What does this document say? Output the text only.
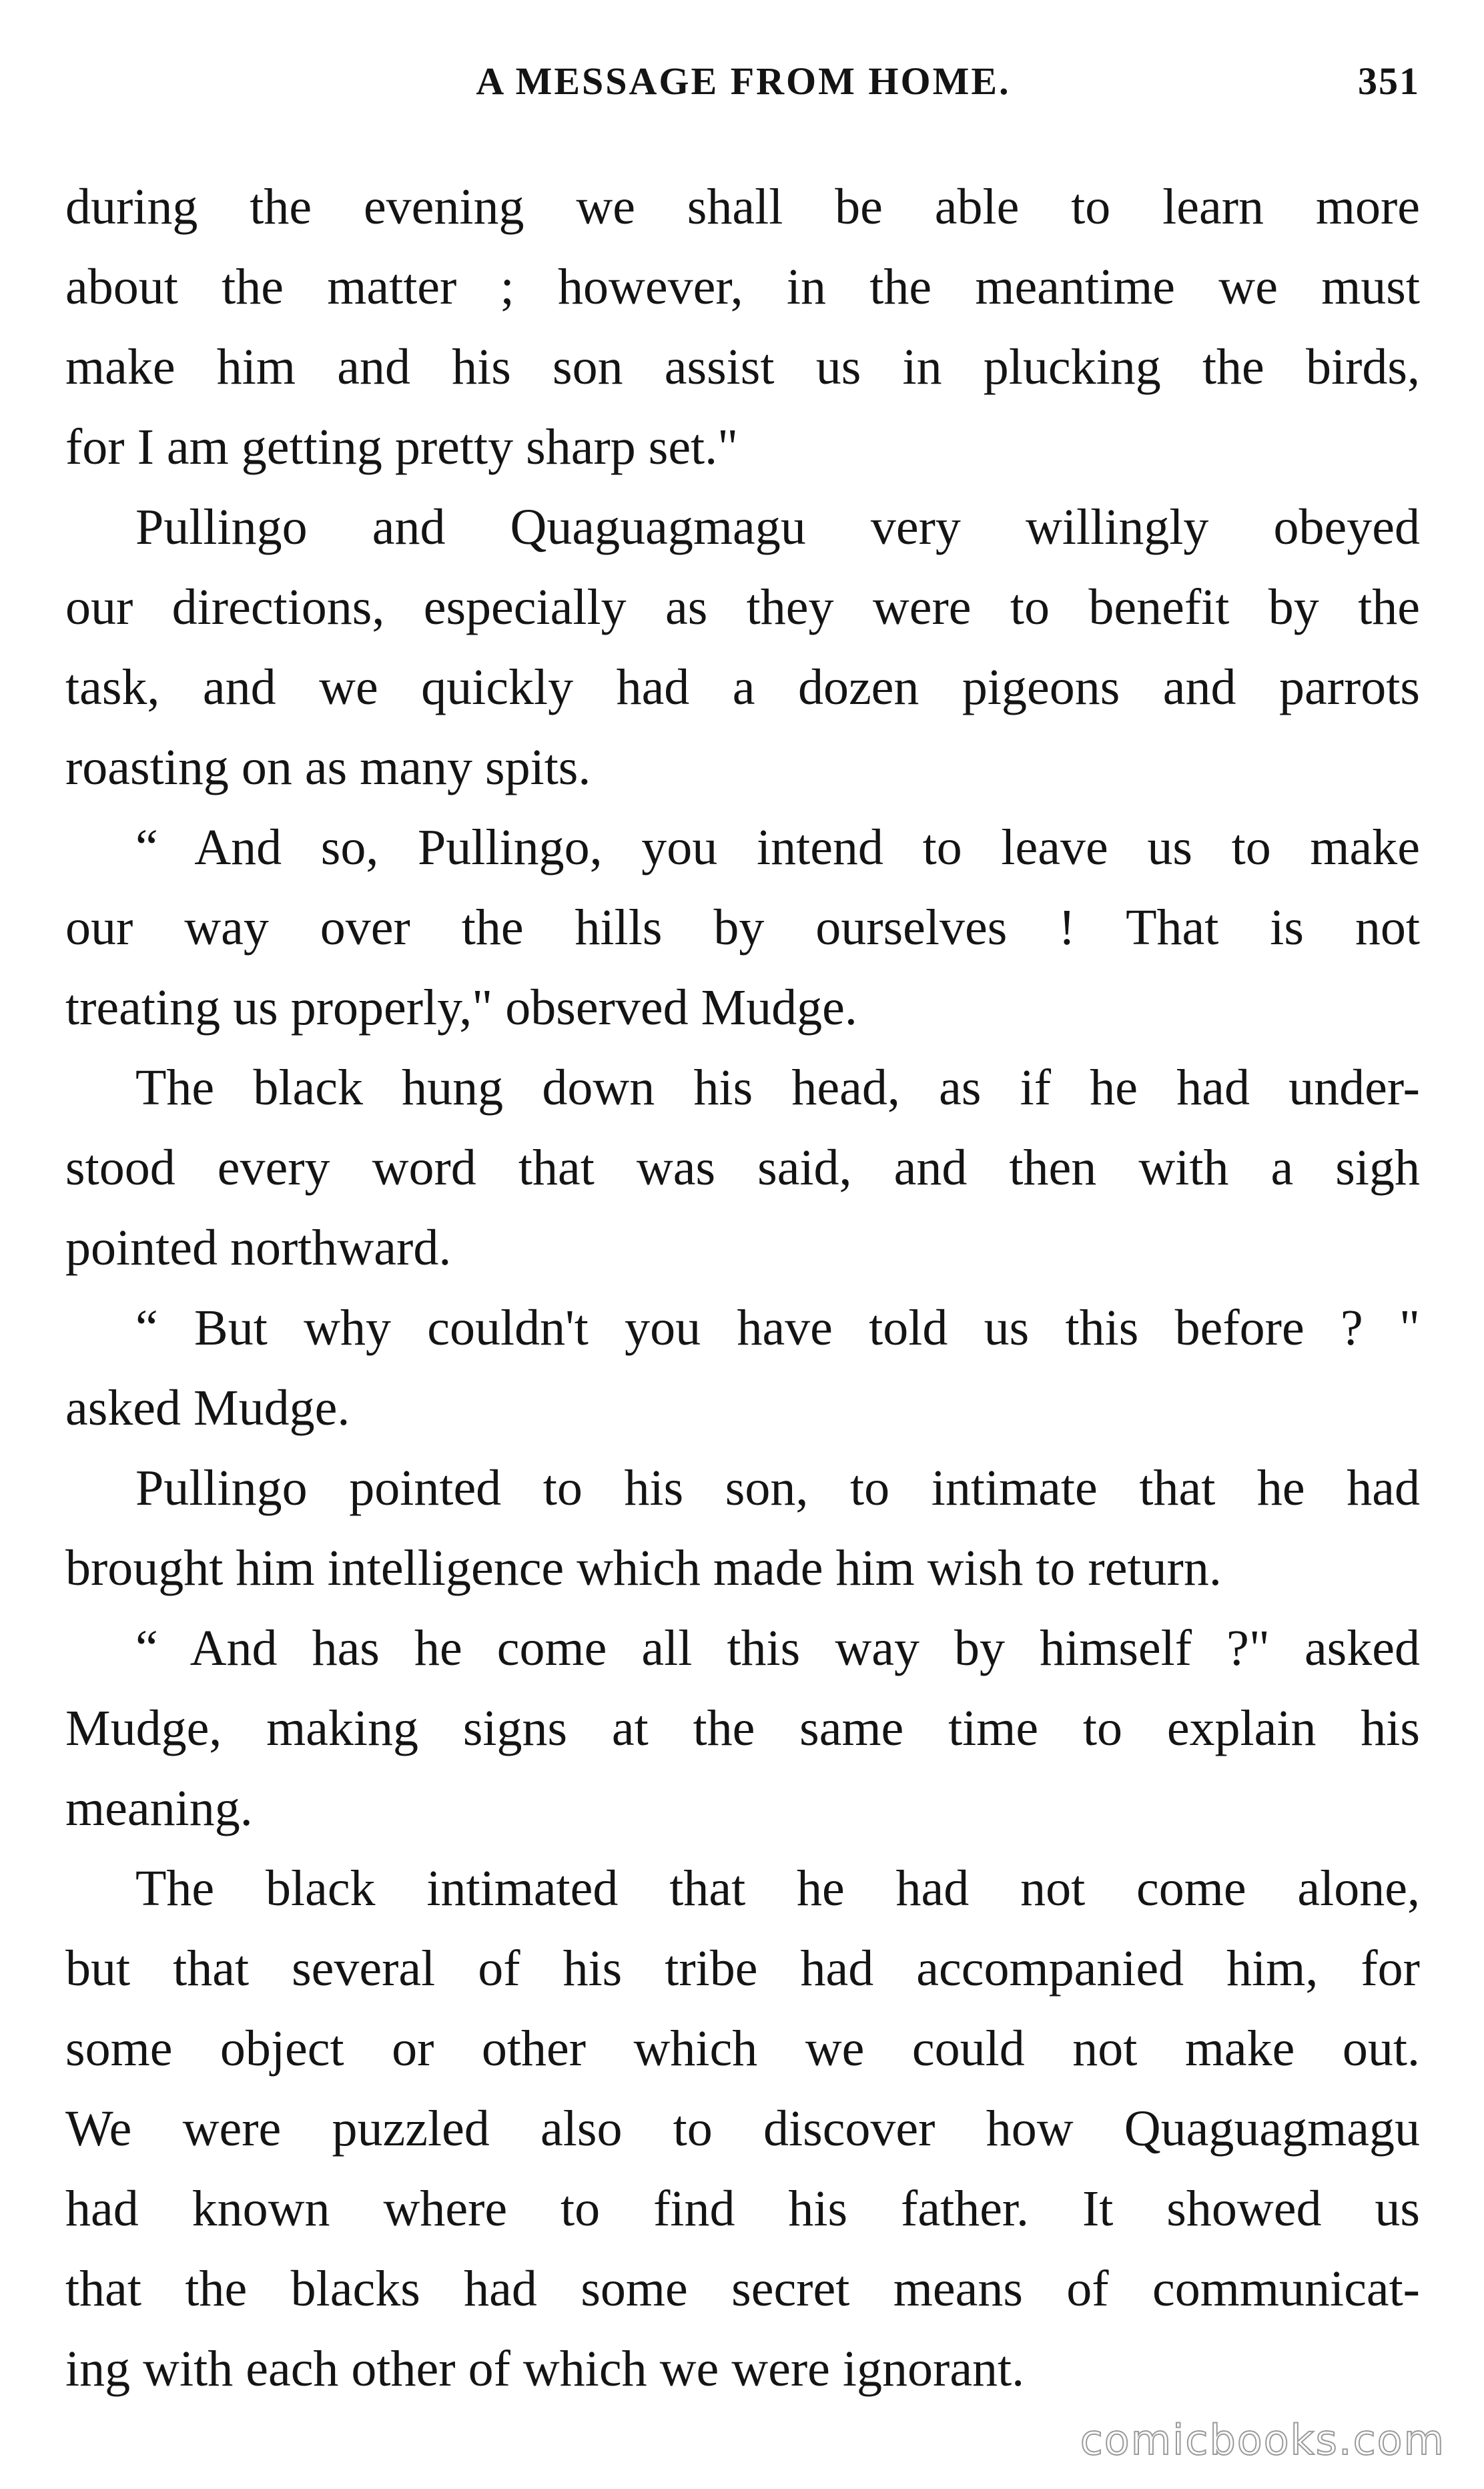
A MESSAGE FROM HOME.	351
during the evening we shall be able to learn more
about the matter ; however, in the meantime we must
make him and his son assist us in plucking the birds,
for I am getting pretty sharp set."
Pullingo and Quaguagmagu very willingly obeyed
our directions, especially as they were to benefit by the
task, and we quickly had a dozen pigeons and parrots
roasting on as many spits.
“ And so, Pullingo, you intend to leave us to make
our way over the hills by ourselves ! That is not
treating us properly," observed Mudge.
The black hung down his head, as if he had under-
stood every word that was said, and then with a sigh
pointed northward.
“ But why couldn't you have told us this before ? "
asked Mudge.
Pullingo pointed to his son, to intimate that he had
brought him intelligence which made him wish to return.
“ And has he come all this way by himself ?" asked
Mudge, making signs at the same time to explain his
meaning.
The black intimated that he had not come alone,
but that several of his tribe had accompanied him, for
some object or other which we could not make out.
We were puzzled also to discover how Quaguagmagu
had known where to find his father. It showed us
that the blacks had some secret means of communicat-
ing with each other of which we were ignorant.
comicbooks.com
